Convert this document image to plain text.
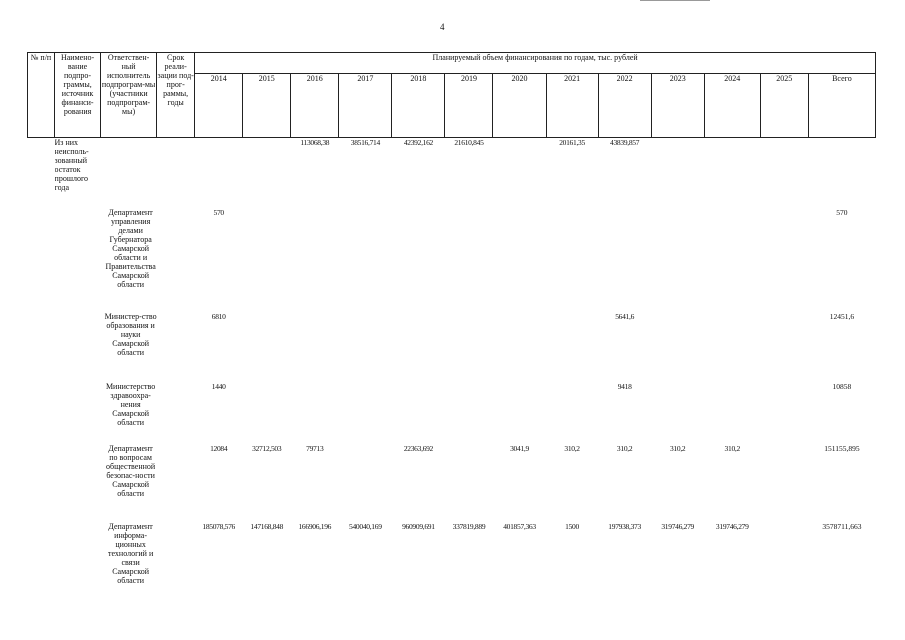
4
№ п/п	Наимено-вание подпро-граммы, источник финанси-рования	Ответствен-ный исполнитель подпрограм-мы (участники подпрограм-мы)	Срок реали-зации под-прог-раммы, годы	Планируемый объем финансирования по годам, тыс. рублей												
				2014	2015	2016	2017	2018	2019	2020	2021	2022	2023	2024	2025	Всего
	Из них неисполь-зованный остаток прошлого года					113068,38	38516,714	42392,162	21610,845		20161,35	43839,857				
		Департамент управления делами Губернатора Самарской области и Правительства Самарской области		570												570
		Министер-ство образования и науки Самарской области		6810								5641,6				12451,6
		Министерство здравоохра-нения Самарской области		1440								9418				10858
		Департамент по вопросам общественной безопас-ности Самарской области		12084	32712,503	79713		22363,692		3041,9	310,2	310,2	310,2	310,2		151155,895
		Департамент информа-ционных технологий и связи Самарской области		185078,576	147168,848	166906,196	540040,169	960909,691	337819,889	401857,363	1500	197938,373	319746,279	319746,279		3578711,663
